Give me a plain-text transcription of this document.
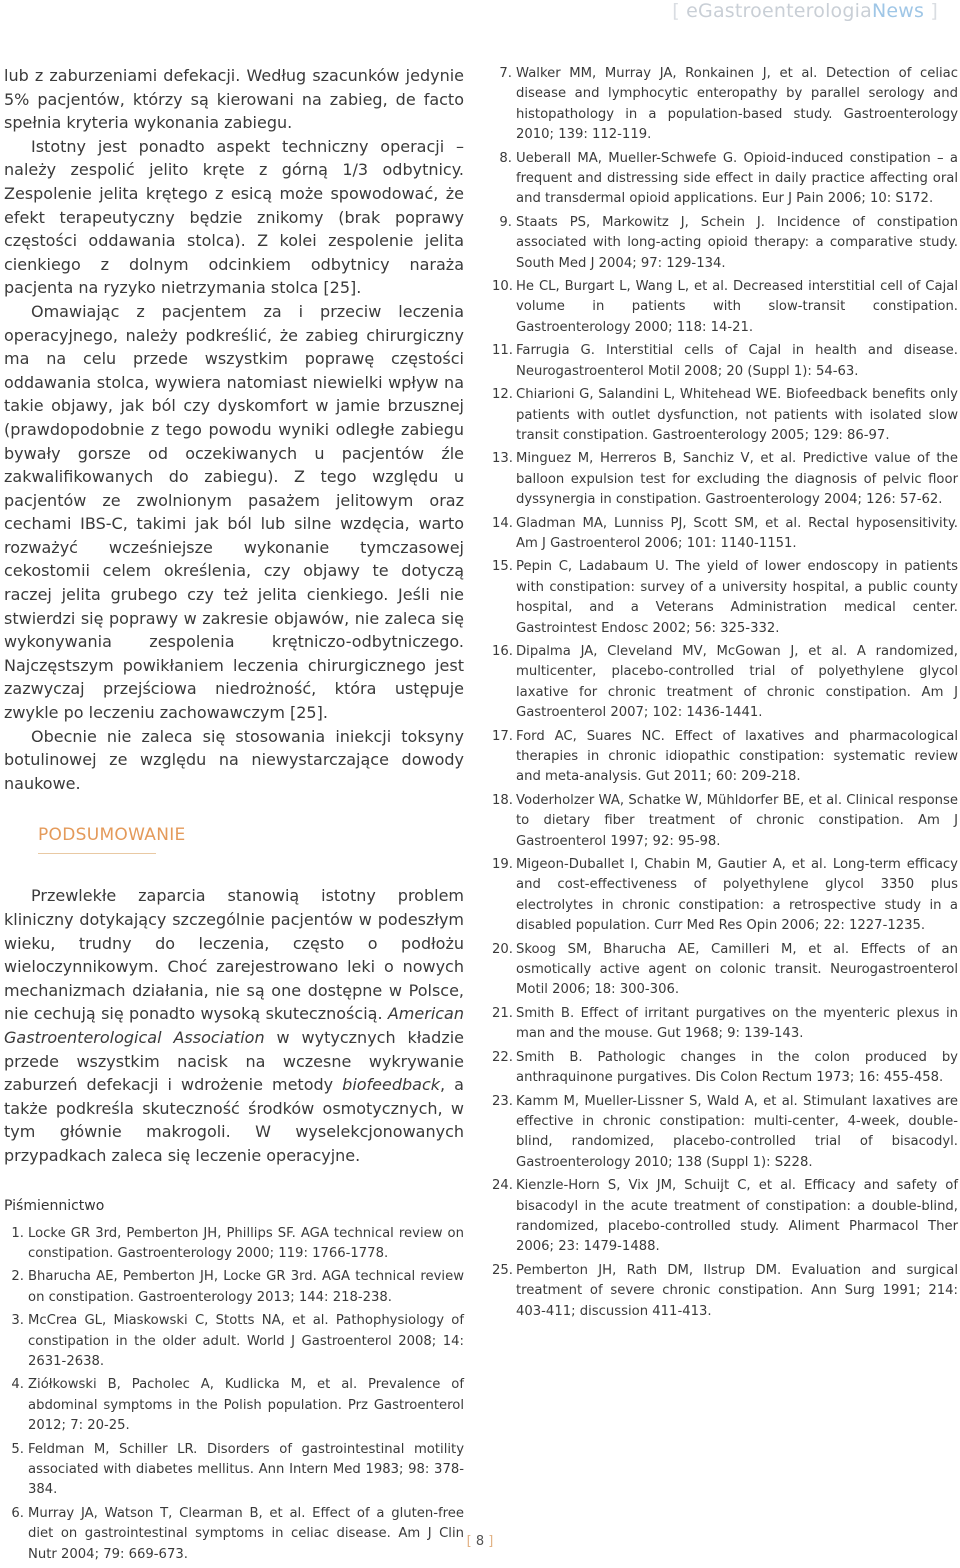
[ eGastroenterologiaNews ]

lub z zaburzeniami defekacji. Według szacunków jedynie 5% pacjentów, którzy są kierowani na zabieg, de facto spełnia kryteria wykonania zabiegu.

Istotny jest ponadto aspekt techniczny operacji – należy zespolić jelito kręte z górną 1/3 odbytnicy. Zespolenie jelita krętego z esicą może spowodować, że efekt terapeutyczny będzie znikomy (brak poprawy częstości oddawania stolca). Z kolei zespolenie jelita cienkiego z dolnym odcinkiem odbytnicy naraża pacjenta na ryzyko nietrzymania stolca [25].

Omawiając z pacjentem za i przeciw leczenia operacyjnego, należy podkreślić, że zabieg chirurgiczny ma na celu przede wszystkim poprawę częstości oddawania stolca, wywiera natomiast niewielki wpływ na takie objawy, jak ból czy dyskomfort w jamie brzusznej (prawdopodobnie z tego powodu wyniki odległe zabiegu bywały gorsze od oczekiwanych u pacjentów źle zakwalifikowanych do zabiegu). Z tego względu u pacjentów ze zwolnionym pasażem jelitowym oraz cechami IBS-C, takimi jak ból lub silne wzdęcia, warto rozważyć wcześniejsze wykonanie tymczasowej cekostomii celem określenia, czy objawy te dotyczą raczej jelita grubego czy też jelita cienkiego. Jeśli nie stwierdzi się poprawy w zakresie objawów, nie zaleca się wykonywania zespolenia krętniczo-odbytniczego. Najczęstszym powikłaniem leczenia chirurgicznego jest zazwyczaj przejściowa niedrożność, która ustępuje zwykle po leczeniu zachowawczym [25].

Obecnie nie zaleca się stosowania iniekcji toksyny botulinowej ze względu na niewystarczające dowody naukowe.

PODSUMOWANIE

Przewlekłe zaparcia stanowią istotny problem kliniczny dotykający szczególnie pacjentów w podeszłym wieku, trudny do leczenia, często o podłożu wieloczynnikowym. Choć zarejestrowano leki o nowych mechanizmach działania, nie są one dostępne w Polsce, nie cechują się ponadto wysoką skutecznością. American Gastroenterological Association w wytycznych kładzie przede wszystkim nacisk na wczesne wykrywanie zaburzeń defekacji i wdrożenie metody biofeedback, a także podkreśla skuteczność środków osmotycznych, w tym głównie makrogoli. W wyselekcjonowanych przypadkach zaleca się leczenie operacyjne.

Piśmiennictwo
1. Locke GR 3rd, Pemberton JH, Phillips SF. AGA technical review on constipation. Gastroenterology 2000; 119: 1766-1778.
2. Bharucha AE, Pemberton JH, Locke GR 3rd. AGA technical review on constipation. Gastroenterology 2013; 144: 218-238.
3. McCrea GL, Miaskowski C, Stotts NA, et al. Pathophysiology of constipation in the older adult. World J Gastroenterol 2008; 14: 2631-2638.
4. Ziółkowski B, Pacholec A, Kudlicka M, et al. Prevalence of abdominal symptoms in the Polish population. Prz Gastroenterol 2012; 7: 20-25.
5. Feldman M, Schiller LR. Disorders of gastrointestinal motility associated with diabetes mellitus. Ann Intern Med 1983; 98: 378-384.
6. Murray JA, Watson T, Clearman B, et al. Effect of a gluten-free diet on gastrointestinal symptoms in celiac disease. Am J Clin Nutr 2004; 79: 669-673.
7. Walker MM, Murray JA, Ronkainen J, et al. Detection of celiac disease and lymphocytic enteropathy by parallel serology and histopathology in a population-based study. Gastroenterology 2010; 139: 112-119.
8. Ueberall MA, Mueller-Schwefe G. Opioid-induced constipation – a frequent and distressing side effect in daily practice affecting oral and transdermal opioid applications. Eur J Pain 2006; 10: S172.
9. Staats PS, Markowitz J, Schein J. Incidence of constipation associated with long-acting opioid therapy: a comparative study. South Med J 2004; 97: 129-134.
10. He CL, Burgart L, Wang L, et al. Decreased interstitial cell of Cajal volume in patients with slow-transit constipation. Gastroenterology 2000; 118: 14-21.
11. Farrugia G. Interstitial cells of Cajal in health and disease. Neurogastroenterol Motil 2008; 20 (Suppl 1): 54-63.
12. Chiarioni G, Salandini L, Whitehead WE. Biofeedback benefits only patients with outlet dysfunction, not patients with isolated slow transit constipation. Gastroenterology 2005; 129: 86-97.
13. Minguez M, Herreros B, Sanchiz V, et al. Predictive value of the balloon expulsion test for excluding the diagnosis of pelvic floor dyssynergia in constipation. Gastroenterology 2004; 126: 57-62.
14. Gladman MA, Lunniss PJ, Scott SM, et al. Rectal hyposensitivity. Am J Gastroenterol 2006; 101: 1140-1151.
15. Pepin C, Ladabaum U. The yield of lower endoscopy in patients with constipation: survey of a university hospital, a public county hospital, and a Veterans Administration medical center. Gastrointest Endosc 2002; 56: 325-332.
16. Dipalma JA, Cleveland MV, McGowan J, et al. A randomized, multicenter, placebo-controlled trial of polyethylene glycol laxative for chronic treatment of chronic constipation. Am J Gastroenterol 2007; 102: 1436-1441.
17. Ford AC, Suares NC. Effect of laxatives and pharmacological therapies in chronic idiopathic constipation: systematic review and meta-analysis. Gut 2011; 60: 209-218.
18. Voderholzer WA, Schatke W, Mühldorfer BE, et al. Clinical response to dietary fiber treatment of chronic constipation. Am J Gastroenterol 1997; 92: 95-98.
19. Migeon-Duballet I, Chabin M, Gautier A, et al. Long-term efficacy and cost-effectiveness of polyethylene glycol 3350 plus electrolytes in chronic constipation: a retrospective study in a disabled population. Curr Med Res Opin 2006; 22: 1227-1235.
20. Skoog SM, Bharucha AE, Camilleri M, et al. Effects of an osmotically active agent on colonic transit. Neurogastroenterol Motil 2006; 18: 300-306.
21. Smith B. Effect of irritant purgatives on the myenteric plexus in man and the mouse. Gut 1968; 9: 139-143.
22. Smith B. Pathologic changes in the colon produced by anthraquinone purgatives. Dis Colon Rectum 1973; 16: 455-458.
23. Kamm M, Mueller-Lissner S, Wald A, et al. Stimulant laxatives are effective in chronic constipation: multi-center, 4-week, double-blind, randomized, placebo-controlled trial of bisacodyl. Gastroenterology 2010; 138 (Suppl 1): S228.
24. Kienzle-Horn S, Vix JM, Schuijt C, et al. Efficacy and safety of bisacodyl in the acute treatment of constipation: a double-blind, randomized, placebo-controlled study. Aliment Pharmacol Ther 2006; 23: 1479-1488.
25. Pemberton JH, Rath DM, Ilstrup DM. Evaluation and surgical treatment of severe chronic constipation. Ann Surg 1991; 214: 403-411; discussion 411-413.
[ 8 ]
